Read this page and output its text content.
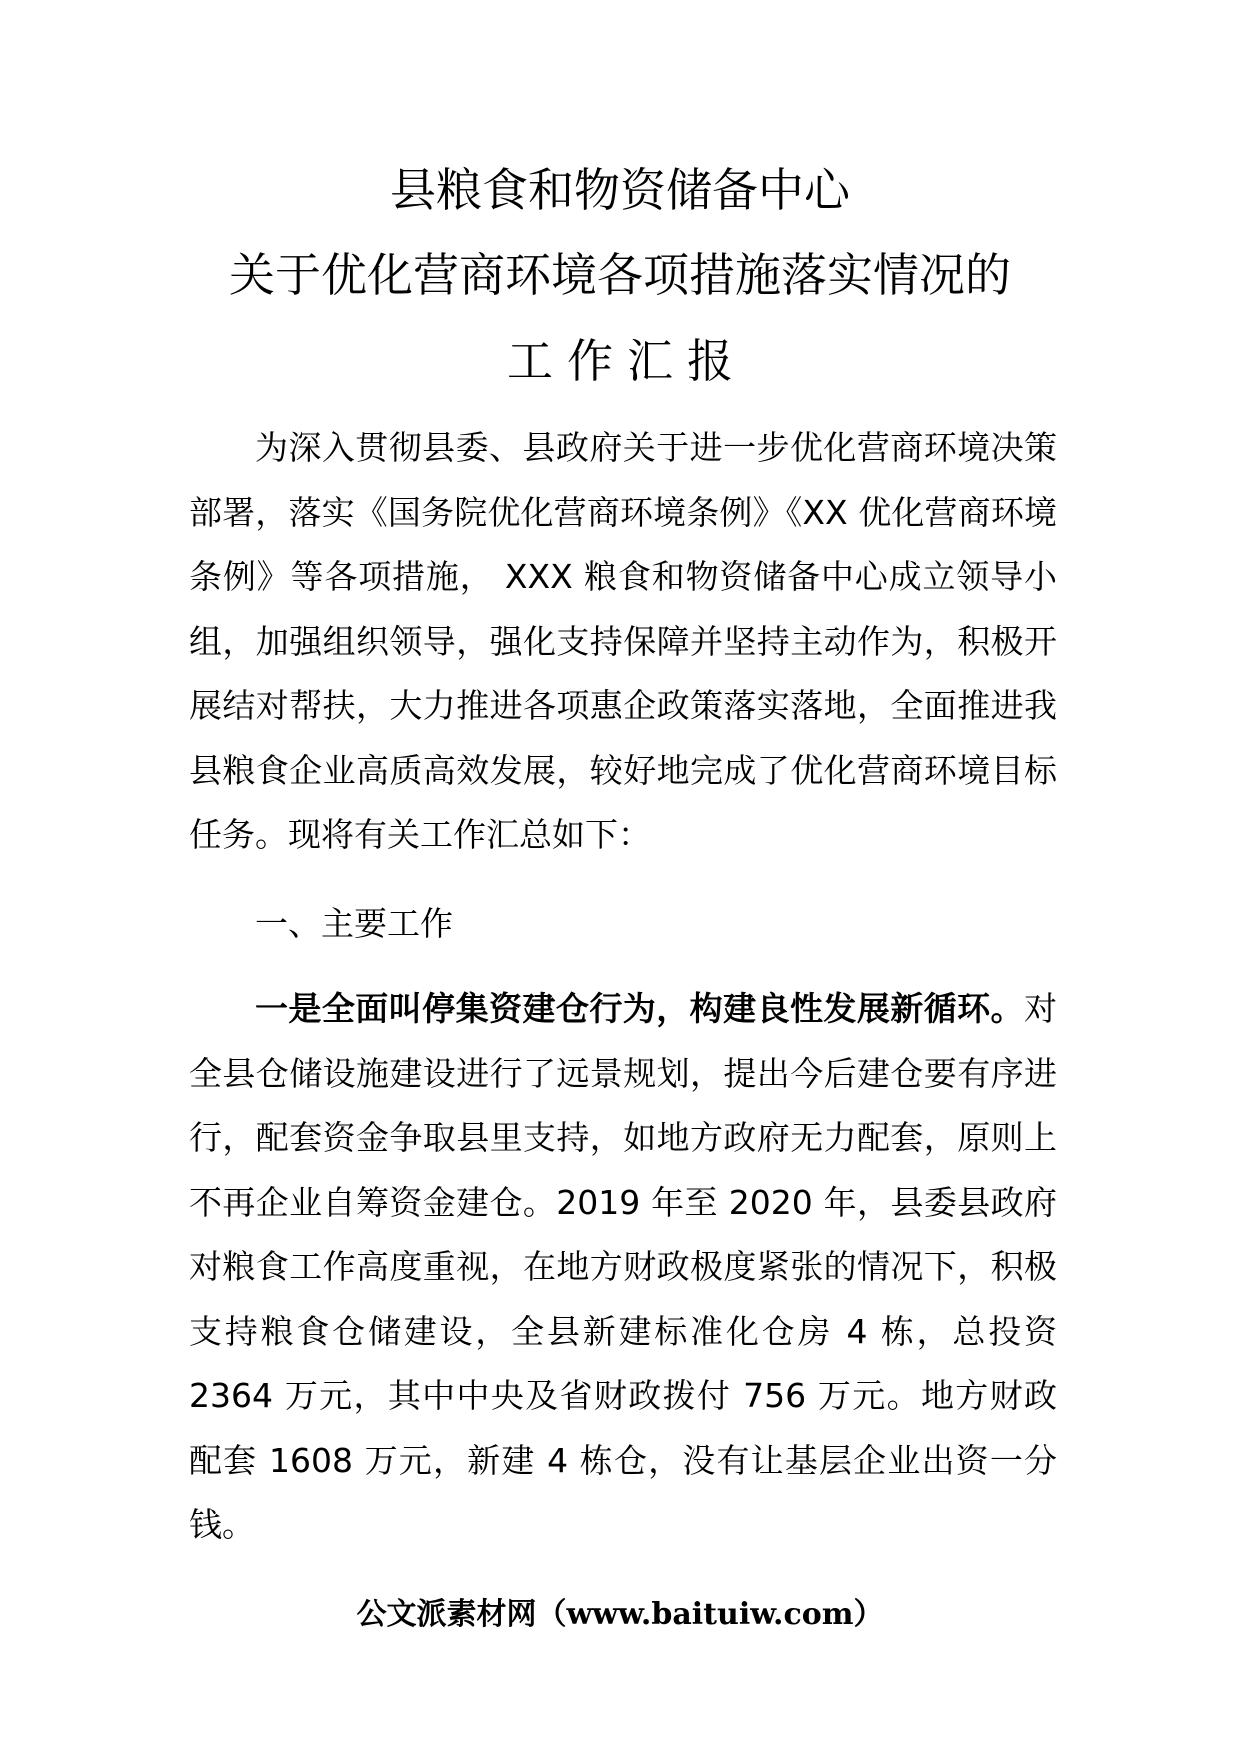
县粮食和物资储备中心
关于优化营商环境各项措施落实情况的
工作汇报
为深入贯彻县委、县政府关于进一步优化营商环境决策部署，落实《国务院优化营商环境条例》《XX 优化营商环境条例》等各项措施， XXX 粮食和物资储备中心成立领导小组，加强组织领导，强化支持保障并坚持主动作为，积极开展结对帮扶，大力推进各项惠企政策落实落地，全面推进我县粮食企业高质高效发展，较好地完成了优化营商环境目标任务。现将有关工作汇总如下：
一、主要工作
一是全面叫停集资建仓行为，构建良性发展新循环。对全县仓储设施建设进行了远景规划，提出今后建仓要有序进行，配套资金争取县里支持，如地方政府无力配套，原则上不再企业自筹资金建仓。2019 年至 2020 年，县委县政府对粮食工作高度重视，在地方财政极度紧张的情况下，积极支持粮食仓储建设，全县新建标准化仓房 4 栋，总投资 2364 万元，其中中央及省财政拨付 756 万元。地方财政配套 1608 万元，新建 4 栋仓，没有让基层企业出资一分钱。
公文派素材网（www.baituiw.com）
